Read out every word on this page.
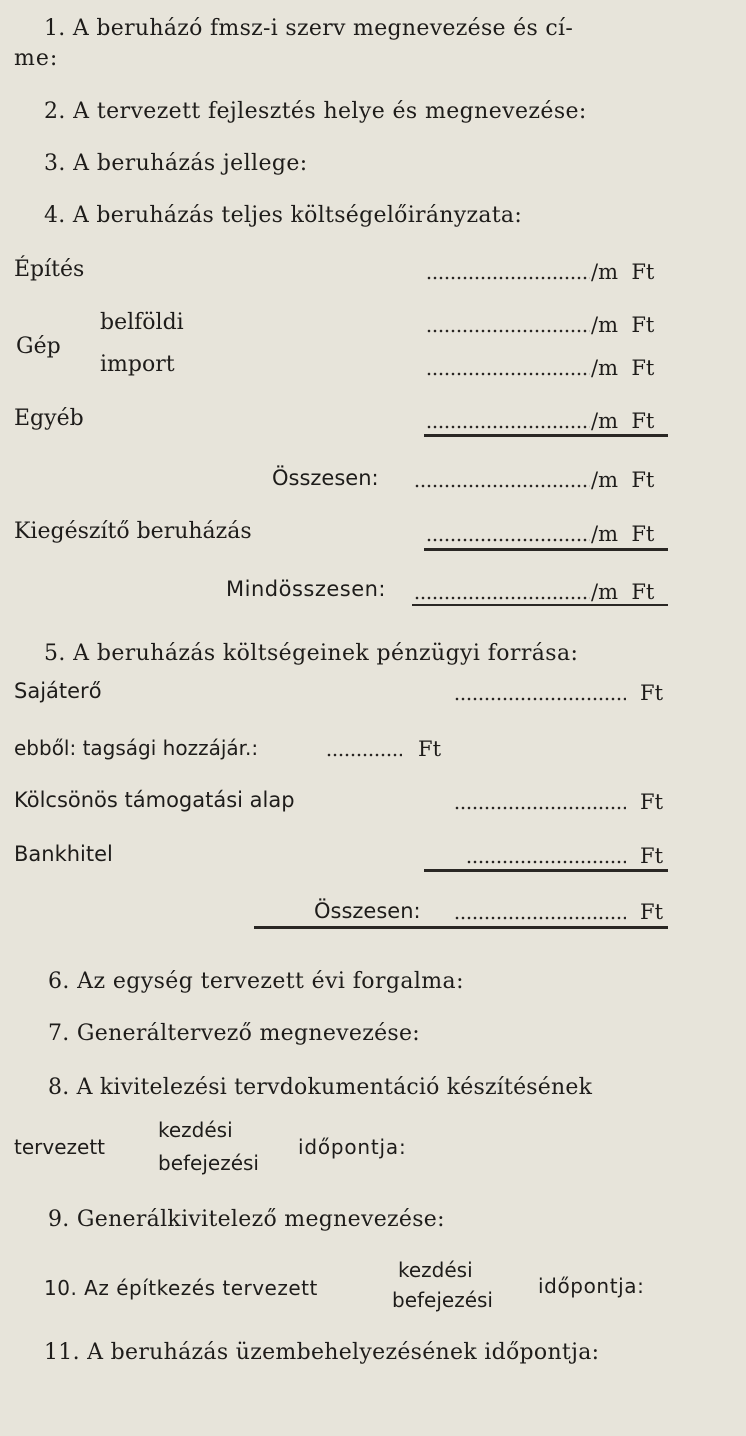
1. A beruházó fmsz-i szerv megnevezése és cí-
me:
2. A tervezett fejlesztés helye és megnevezése:
3. A beruházás jellege:
4. A beruházás teljes költségelőirányzata:
Építés	/m  Ft
Gép
belföldi	/m  Ft
import	/m  Ft
Egyéb	/m  Ft
Összesen:	/m  Ft
Kiegészítő beruházás	/m  Ft
Mindösszesen:	/m  Ft
5. A beruházás költségeinek pénzügyi forrása:
Sajáterő	Ft
ebből: tagsági hozzájár.:	Ft
Kölcsönös támogatási alap	Ft
Bankhitel	Ft
Összesen:	Ft
6. Az egység tervezett évi forgalma:
7. Generáltervező megnevezése:
8. A kivitelezési tervdokumentáció készítésének
tervezett
kezdési
befejezési
időpontja:
9. Generálkivitelező megnevezése:
10. Az építkezés tervezett
kezdési
befejezési
időpontja:
11. A beruházás üzembehelyezésének időpontja:
